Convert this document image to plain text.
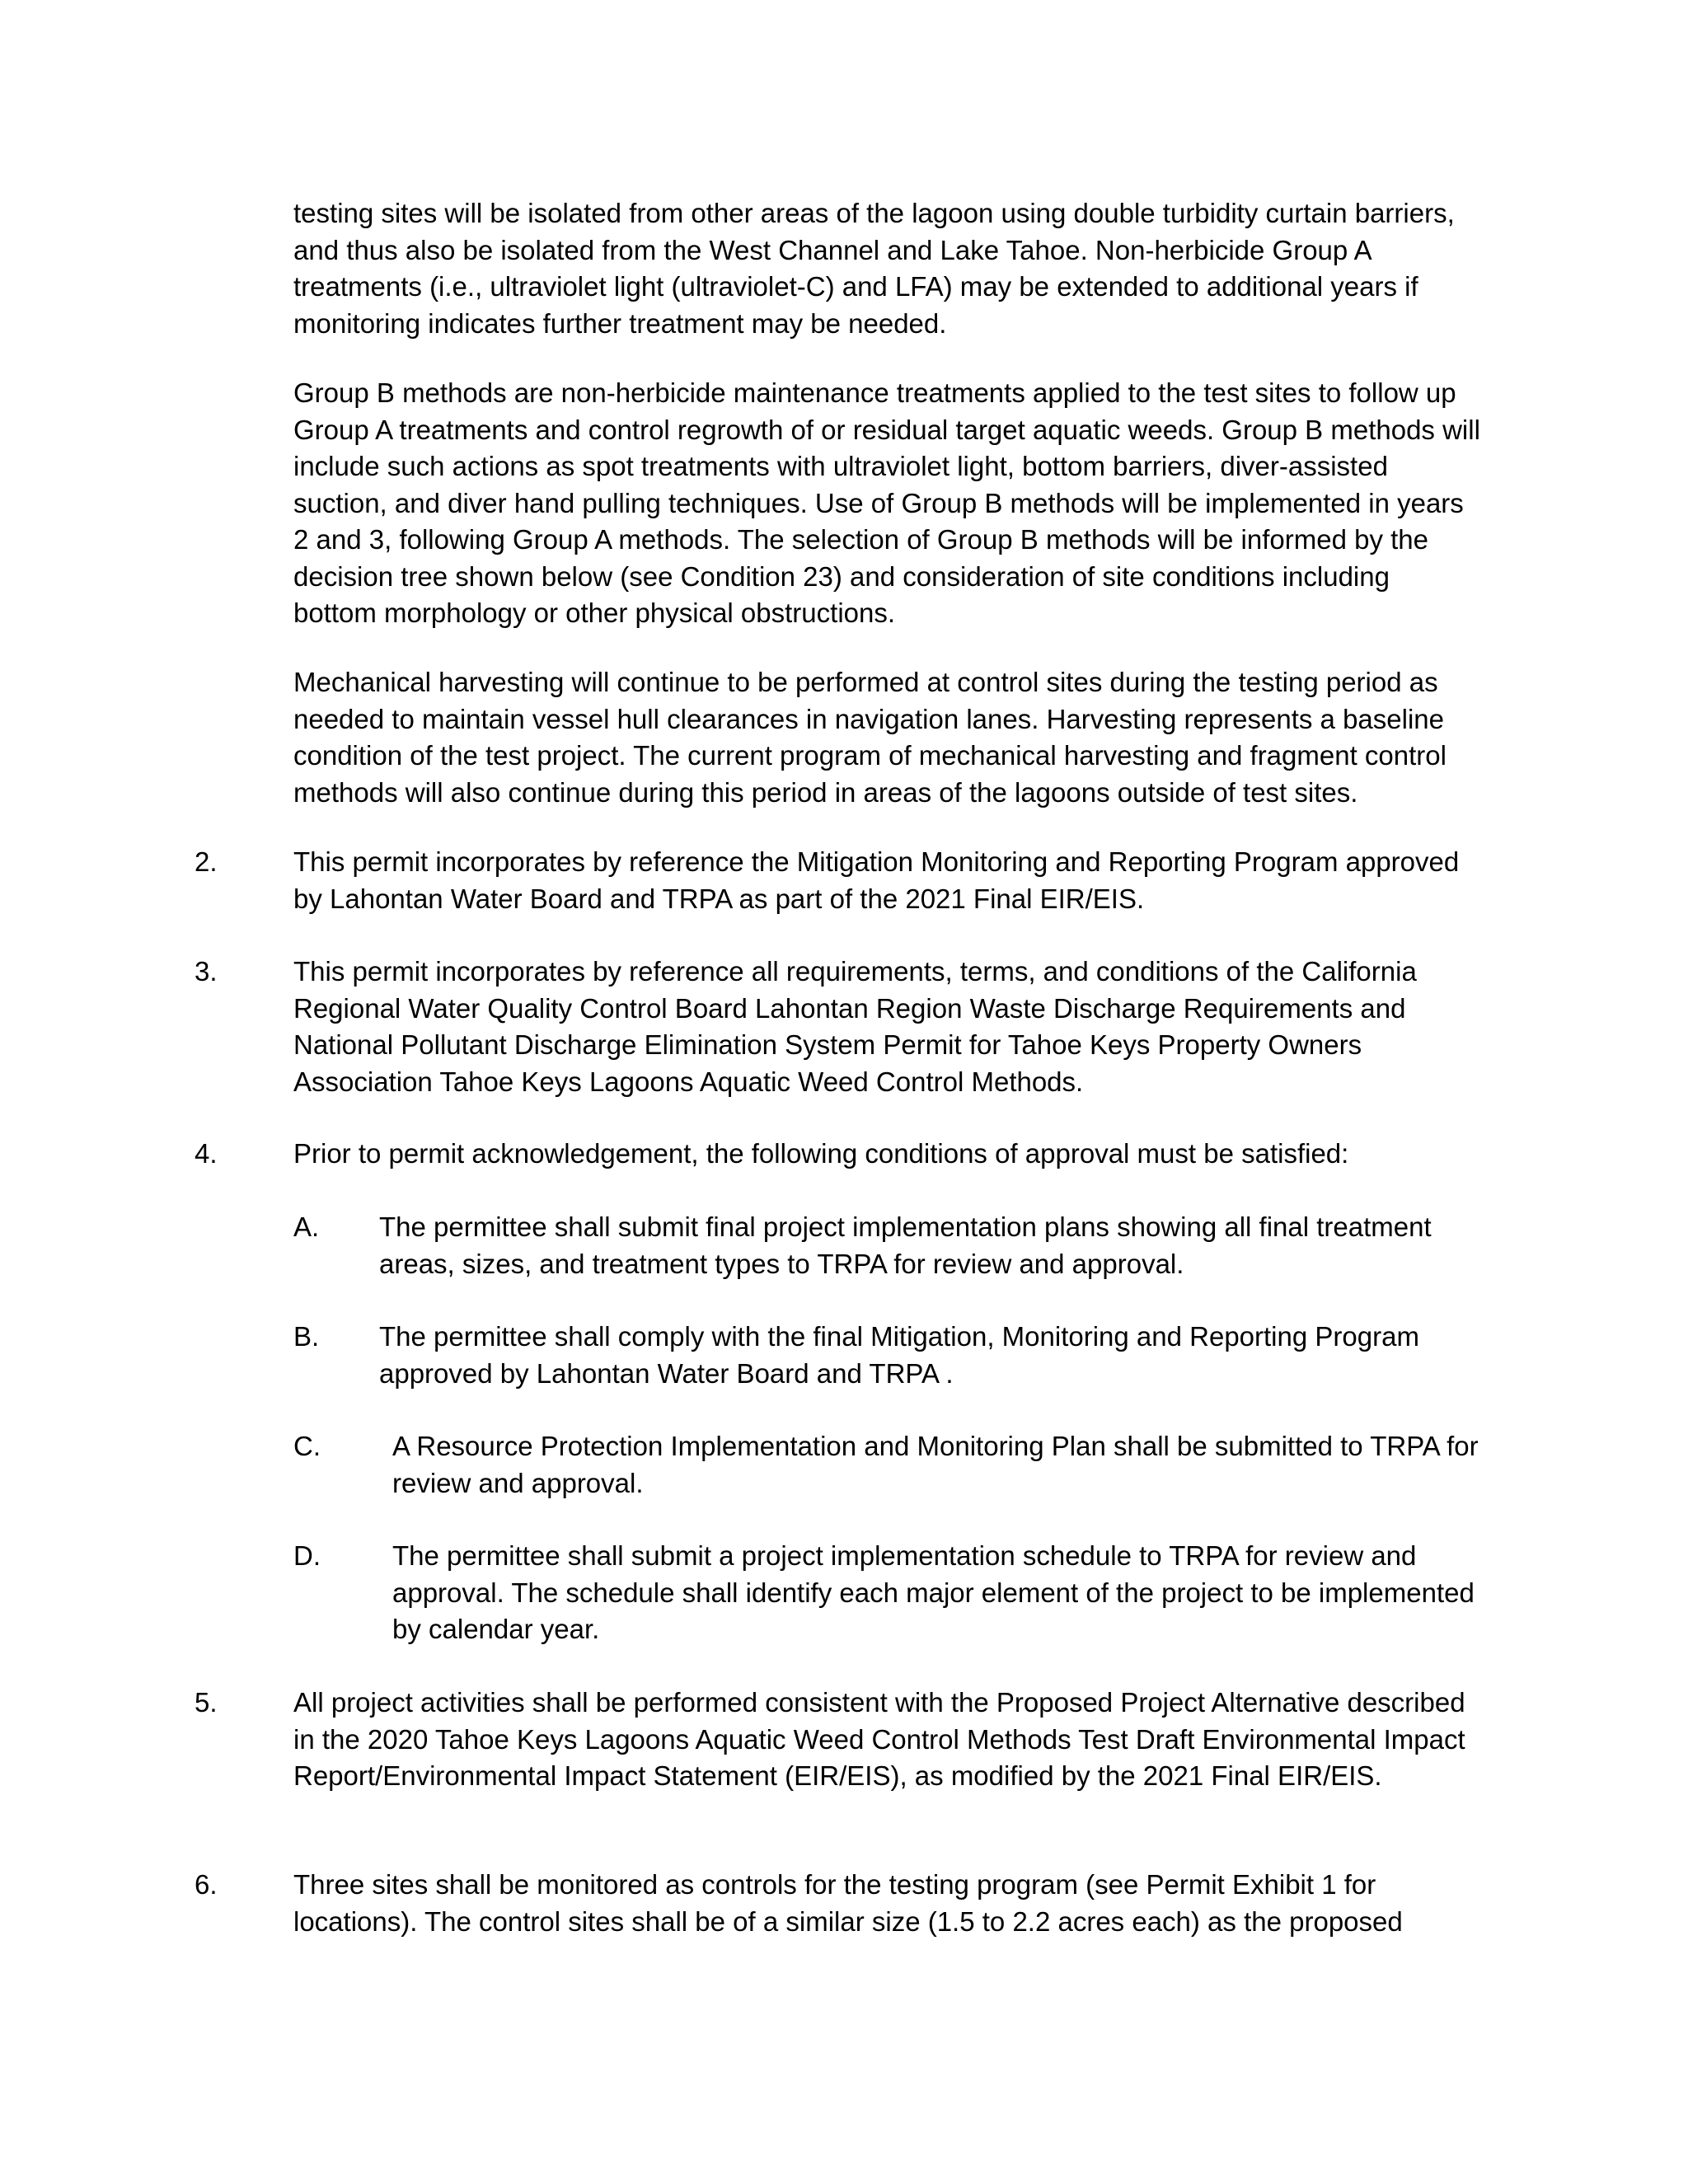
testing sites will be isolated from other areas of the lagoon using double turbidity curtain barriers, and thus also be isolated from the West Channel and Lake Tahoe. Non-herbicide Group A treatments (i.e., ultraviolet light (ultraviolet-C) and LFA) may be extended to additional years if monitoring indicates further treatment may be needed.

Group B methods are non-herbicide maintenance treatments applied to the test sites to follow up Group A treatments and control regrowth of or residual target aquatic weeds. Group B methods will include such actions as spot treatments with ultraviolet light, bottom barriers, diver-assisted suction, and diver hand pulling techniques. Use of Group B methods will be implemented in years 2 and 3, following Group A methods. The selection of Group B methods will be informed by the decision tree shown below (see Condition 23) and consideration of site conditions including bottom morphology or other physical obstructions.

Mechanical harvesting will continue to be performed at control sites during the testing period as needed to maintain vessel hull clearances in navigation lanes. Harvesting represents a baseline condition of the test project. The current program of mechanical harvesting and fragment control methods will also continue during this period in areas of the lagoons outside of test sites.

2.	This permit incorporates by reference the Mitigation Monitoring and Reporting Program approved by Lahontan Water Board and TRPA as part of the 2021 Final EIR/EIS.
3.	This permit incorporates by reference all requirements, terms, and conditions of the California Regional Water Quality Control Board Lahontan Region Waste Discharge Requirements and National Pollutant Discharge Elimination System Permit for Tahoe Keys Property Owners Association Tahoe Keys Lagoons Aquatic Weed Control Methods.
4.	Prior to permit acknowledgement, the following conditions of approval must be satisfied:
A. The permittee shall submit final project implementation plans showing all final treatment areas, sizes, and treatment types to TRPA for review and approval.
B. The permittee shall comply with the final Mitigation, Monitoring and Reporting Program approved by Lahontan Water Board and TRPA .
C.	A Resource Protection Implementation and Monitoring Plan shall be submitted to TRPA for review and approval.
D.	The permittee shall submit a project implementation schedule to TRPA for review and approval. The schedule shall identify each major element of the project to be implemented by calendar year.
5.	All project activities shall be performed consistent with the Proposed Project Alternative described in the 2020 Tahoe Keys Lagoons Aquatic Weed Control Methods Test Draft Environmental Impact Report/Environmental Impact Statement (EIR/EIS), as modified by the 2021 Final EIR/EIS.
6.	Three sites shall be monitored as controls for the testing program (see Permit Exhibit 1 for locations). The control sites shall be of a similar size (1.5 to 2.2 acres each) as the proposed
